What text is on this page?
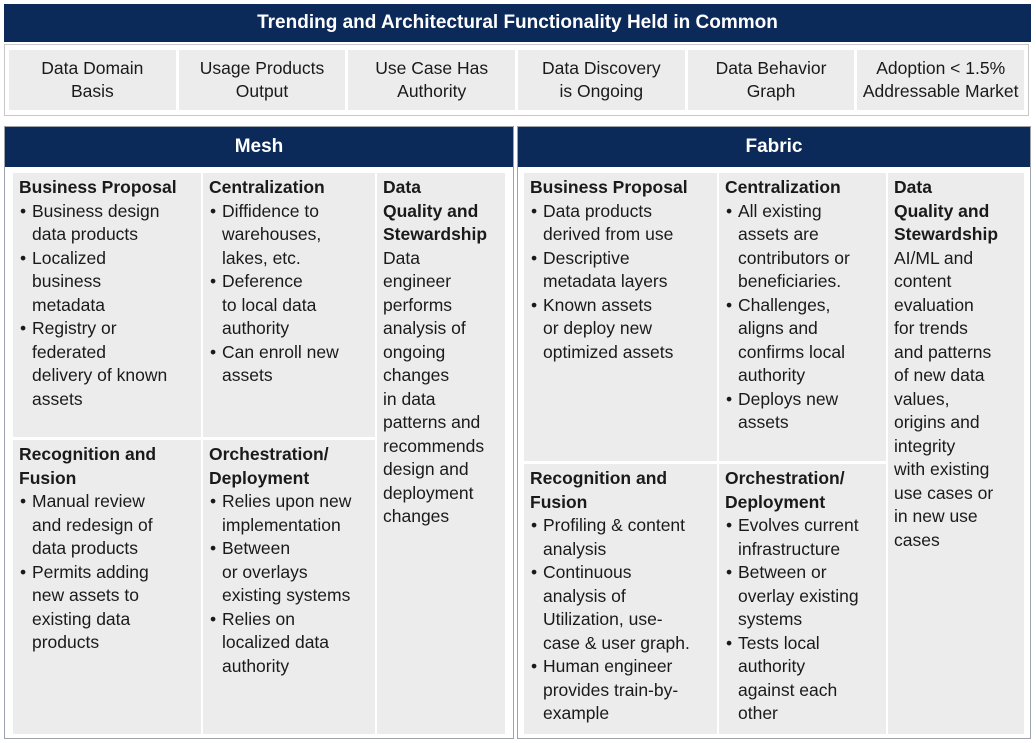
Trending and Architectural Functionality Held in Common
Data Domain
Basis
Usage Products
Output
Use Case Has
Authority
Data Discovery
is Ongoing
Data Behavior
Graph
Adoption < 1.5%
Addressable Market
Mesh
Business Proposal
• Business design
data products
• Localized
business
metadata
• Registry or
federated
delivery of known
assets
Centralization
• Diffidence to
warehouses,
lakes, etc.
• Deference
to local data
authority
• Can enroll new
assets
Data
Quality and
Stewardship
Data
engineer
performs
analysis of
ongoing
changes
in data
patterns and
recommends
design and
deployment
changes
Recognition and
Fusion
• Manual review
and redesign of
data products
• Permits adding
new assets to
existing data
products
Orchestration/
Deployment
• Relies upon new
implementation
• Between
or overlays
existing systems
• Relies on
localized data
authority
Fabric
Business Proposal
• Data products
derived from use
• Descriptive
metadata layers
• Known assets
or deploy new
optimized assets
Centralization
• All existing
assets are
contributors or
beneficiaries.
• Challenges,
aligns and
confirms local
authority
• Deploys new
assets
Data
Quality and
Stewardship
AI/ML and
content
evaluation
for trends
and patterns
of new data
values,
origins and
integrity
with existing
use cases or
in new use
cases
Recognition and
Fusion
• Profiling & content
analysis
• Continuous
analysis of
Utilization, use-
case & user graph.
• Human engineer
provides train-by-
example
Orchestration/
Deployment
• Evolves current
infrastructure
• Between or
overlay existing
systems
• Tests local
authority
against each
other
